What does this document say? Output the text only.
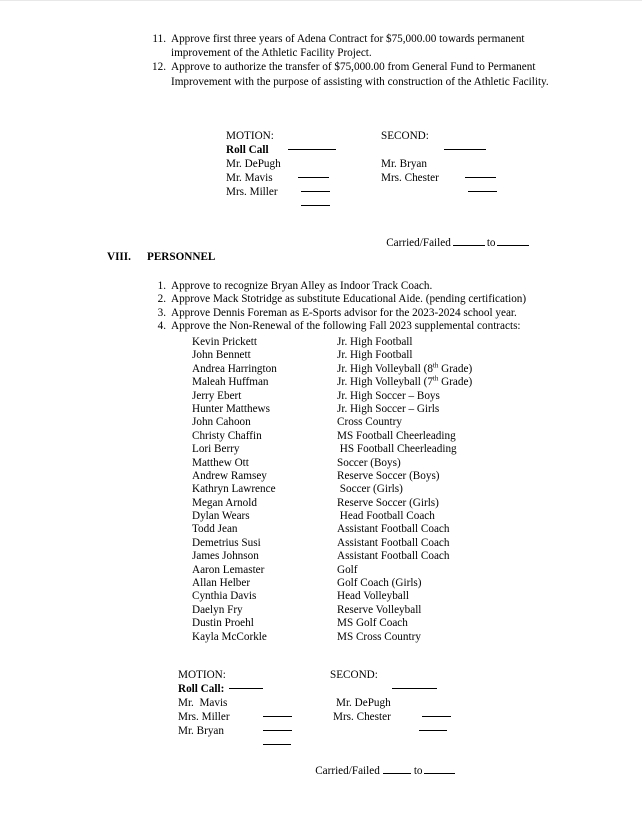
11. Approve first three years of Adena Contract for $75,000.00 towards permanent improvement of the Athletic Facility Project.
12. Approve to authorize the transfer of $75,000.00 from General Fund to Permanent Improvement with the purpose of assisting with construction of the Athletic Facility.
MOTION:	SECOND:
Roll Call
Mr. DePugh	Mr. Bryan
Mr. Mavis	Mrs. Chester
Mrs. Miller

Carried/Failed	to

VIII. PERSONNEL
1. Approve to recognize Bryan Alley as Indoor Track Coach.
2. Approve Mack Stotridge as substitute Educational Aide. (pending certification)
3. Approve Dennis Foreman as E-Sports advisor for the 2023-2024 school year.
4. Approve the Non-Renewal of the following Fall 2023 supplemental contracts:
Kevin Prickett	Jr. High Football
John Bennett	Jr. High Football
Andrea Harrington	Jr. High Volleyball (8th Grade)
Maleah Huffman	Jr. High Volleyball (7th Grade)
Jerry Ebert	Jr. High Soccer – Boys
Hunter Matthews	Jr. High Soccer – Girls
John Cahoon	Cross Country
Christy Chaffin	MS Football Cheerleading
Lori Berry	HS Football Cheerleading
Matthew Ott	Soccer (Boys)
Andrew Ramsey	Reserve Soccer (Boys)
Kathryn Lawrence	Soccer (Girls)
Megan Arnold	Reserve Soccer (Girls)
Dylan Wears	Head Football Coach
Todd Jean	Assistant Football Coach
Demetrius Susi	Assistant Football Coach
James Johnson	Assistant Football Coach
Aaron Lemaster	Golf
Allan Helber	Golf Coach (Girls)
Cynthia Davis	Head Volleyball
Daelyn Fry	Reserve Volleyball
Dustin Proehl	MS Golf Coach
Kayla McCorkle	MS Cross Country
MOTION:	SECOND:
Roll Call:
Mr.  Mavis	Mr. DePugh
Mrs. Miller	Mrs. Chester
Mr. Bryan

Carried/Failed	to
